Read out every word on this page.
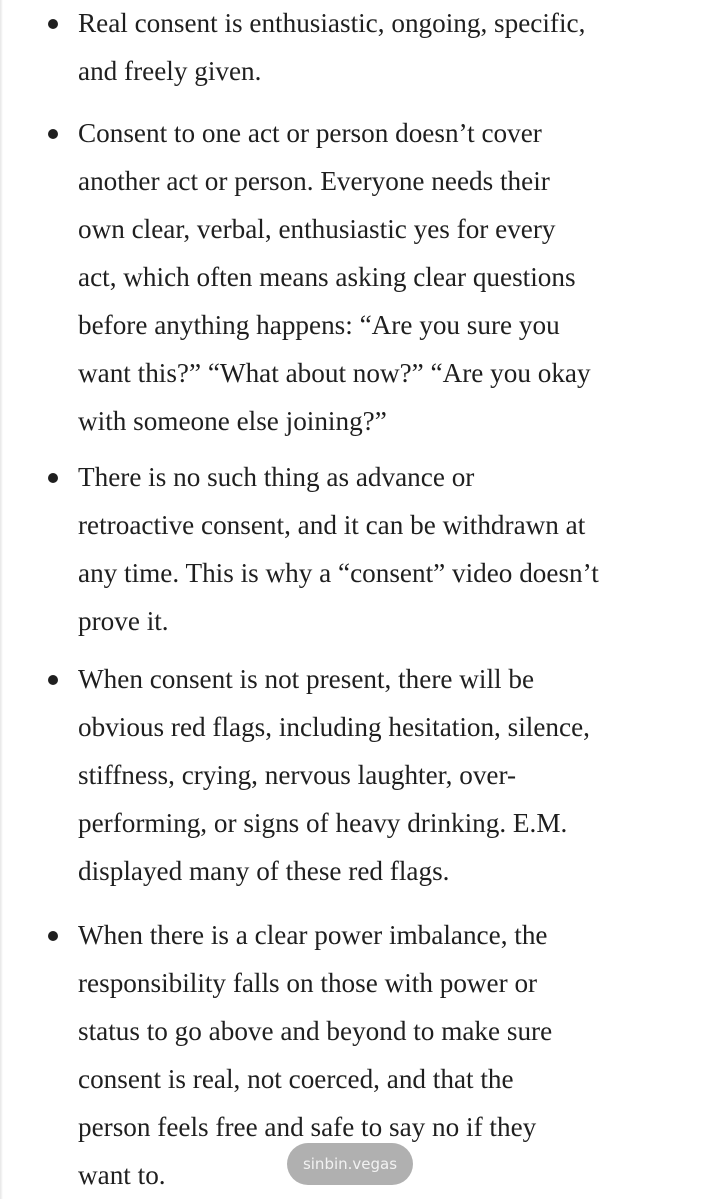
Real consent is enthusiastic, ongoing, specific,
and freely given.

Consent to one act or person doesn’t cover
another act or person. Everyone needs their
own clear, verbal, enthusiastic yes for every
act, which often means asking clear questions
before anything happens: “Are you sure you
want this?” “What about now?” “Are you okay
with someone else joining?”

There is no such thing as advance or
retroactive consent, and it can be withdrawn at
any time. This is why a “consent” video doesn’t
prove it.

When consent is not present, there will be
obvious red flags, including hesitation, silence,
stiffness, crying, nervous laughter, over-
performing, or signs of heavy drinking. E.M.
displayed many of these red flags.

When there is a clear power imbalance, the
responsibility falls on those with power or
status to go above and beyond to make sure
consent is real, not coerced, and that the
person feels free and safe to say no if they
want to.	sinbin.vegas
